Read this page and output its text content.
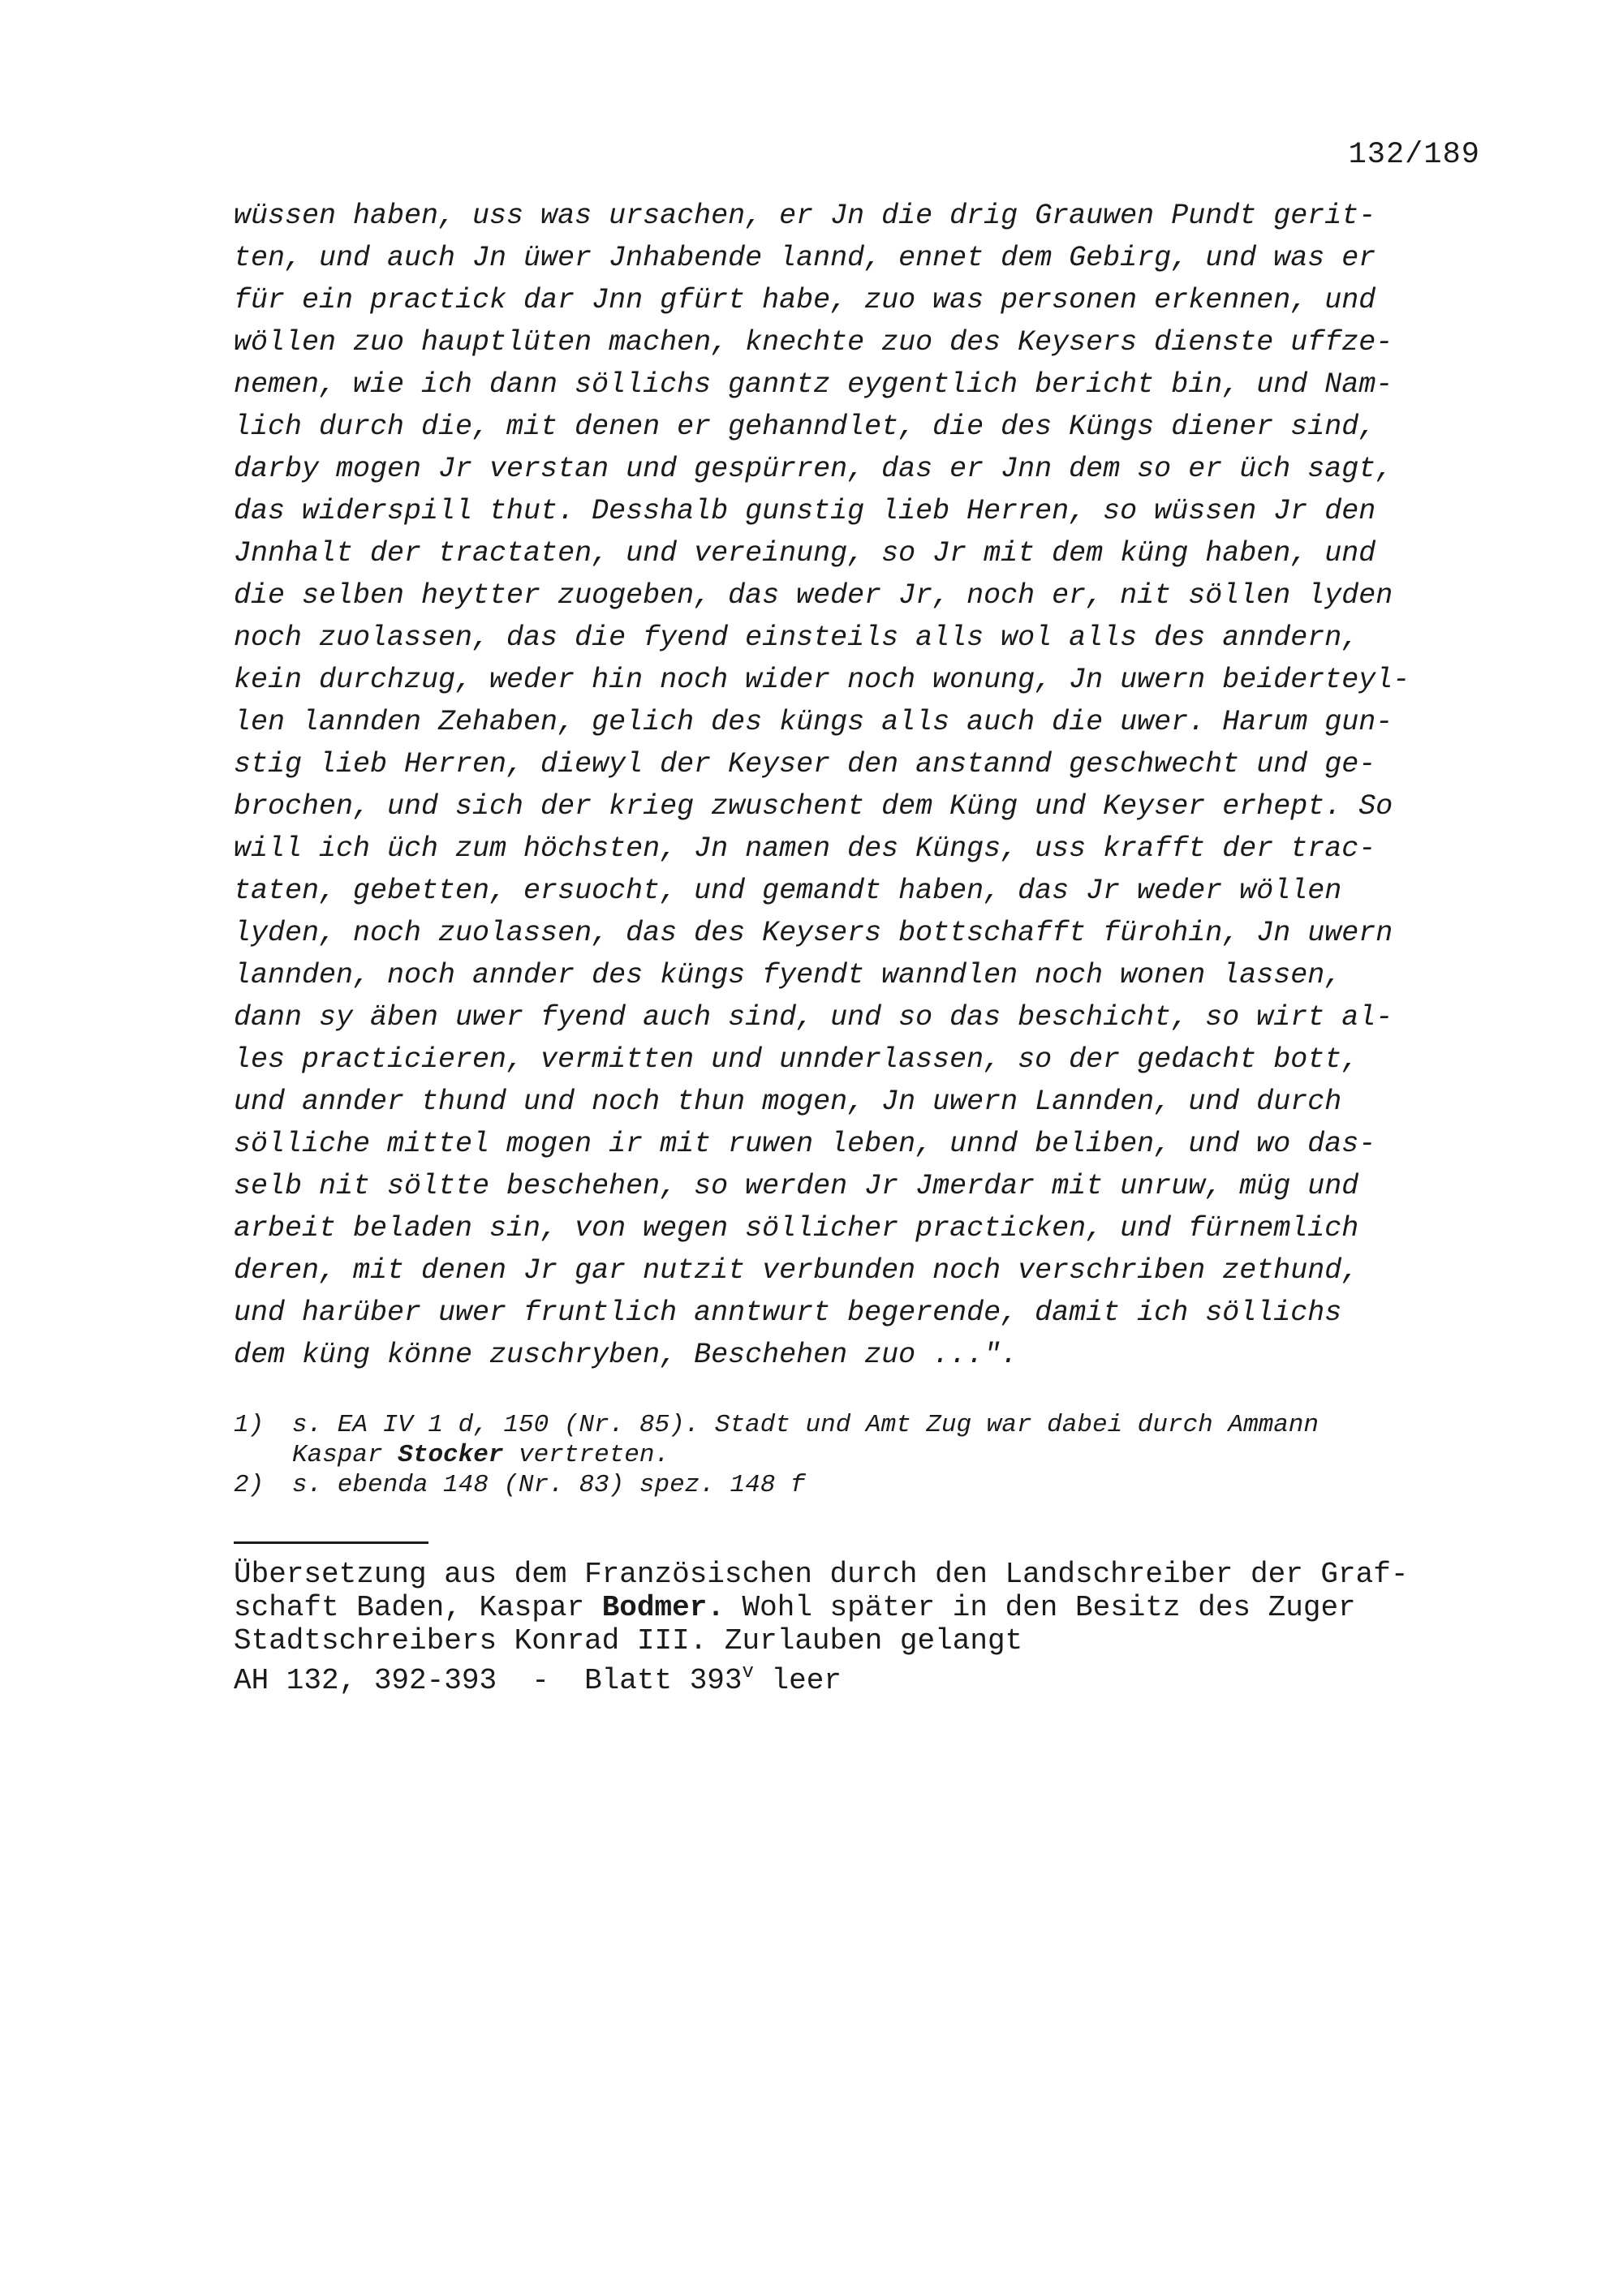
132/189
wüssen haben, uss was ursachen, er Jn die drig Grauwen Pundt gerit-
ten, und auch Jn üwer Jnhabende lannd, ennet dem Gebirg, und was er
für ein practick dar Jnn gfürt habe, zuo was personen erkennen, und
wöllen zuo hauptlüten machen, knechte zuo des Keysers dienste uffze-
nemen, wie ich dann söllichs ganntz eygentlich bericht bin, und Nam-
lich durch die, mit denen er gehanndlet, die des Küngs diener sind,
darby mogen Jr verstan und gespürren, das er Jnn dem so er üch sagt,
das widerspill thut. Desshalb gunstig lieb Herren, so wüssen Jr den
Jnnhalt der tractaten, und vereinung, so Jr mit dem küng haben, und
die selben heytter zuogeben, das weder Jr, noch er, nit söllen lyden
noch zuolassen, das die fyend einsteils alls wol alls des anndern,
kein durchzug, weder hin noch wider noch wonung, Jn uwern beiderteyl-
len lannden Zehaben, gelich des küngs alls auch die uwer. Harum gun-
stig lieb Herren, diewyl der Keyser den anstannd geschwecht und ge-
brochen, und sich der krieg zwuschent dem Küng und Keyser erhept. So
will ich üch zum höchsten, Jn namen des Küngs, uss krafft der trac-
taten, gebetten, ersuocht, und gemandt haben, das Jr weder wöllen
lyden, noch zuolassen, das des Keysers bottschafft fürohin, Jn uwern
lannden, noch annder des küngs fyendt wanndlen noch wonen lassen,
dann sy äben uwer fyend auch sind, und so das beschicht, so wirt al-
les practicieren, vermitten und unnderlassen, so der gedacht bott,
und annder thund und noch thun mogen, Jn uwern Lannden, und durch
sölliche mittel mogen ir mit ruwen leben, unnd beliben, und wo das-
selb nit söltte beschehen, so werden Jr Jmerdar mit unruw, müg und
arbeit beladen sin, von wegen söllicher practicken, und fürnemlich
deren, mit denen Jr gar nutzit verbunden noch verschriben zethund,
und harüber uwer fruntlich anntwurt begerende, damit ich söllichs
dem küng könne zuschryben, Beschehen zuo ...".
1)	s. EA IV 1 d, 150 (Nr. 85). Stadt und Amt Zug war dabei durch Ammann
Kaspar Stocker vertreten.
2)	s. ebenda 148 (Nr. 83) spez. 148 f
Übersetzung aus dem Französischen durch den Landschreiber der Graf-
schaft Baden, Kaspar Bodmer. Wohl später in den Besitz des Zuger
Stadtschreibers Konrad III. Zurlauben gelangt
AH 132, 392-393  -  Blatt 393$^v$ leer
